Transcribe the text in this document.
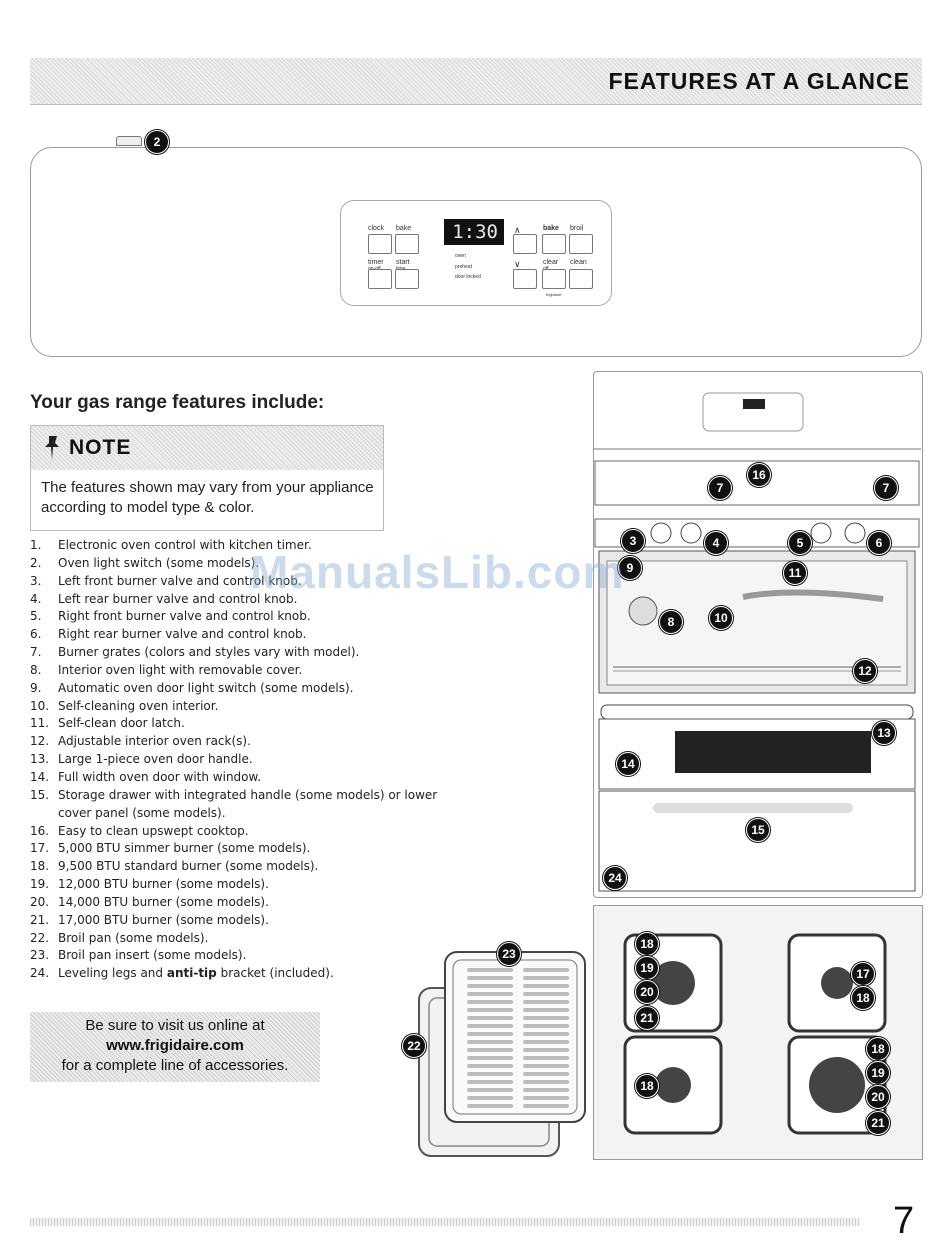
FEATURES AT A GLANCE
2
clock bake
timer
on-off
start
time
1:30
oven
preheat
door locked
∧
∨
bake broil
clear
off
clean
frigidaire
Your gas range features include:
NOTE
The features shown may vary from your appliance according to model type & color.
1.	Electronic oven control with kitchen timer.
2.	Oven light switch (some models).
3.	Left front burner valve and control knob.
4.	Left rear burner valve and control knob.
5.	Right front burner valve and control knob.
6.	Right rear burner valve and control knob.
7.	Burner grates (colors and styles vary with model).
8.	Interior oven light with removable cover.
9.	Automatic oven door light switch (some models).
10. Self-cleaning oven interior.
11. Self-clean door latch.
12. Adjustable interior oven rack(s).
13. Large 1-piece oven door handle.
14. Full width oven door with window.
15. Storage drawer with integrated handle (some models) or lower cover panel (some models).
16. Easy to clean upswept cooktop.
17. 5,000 BTU simmer burner (some models).
18. 9,500 BTU standard burner (some models).
19. 12,000 BTU burner (some models).
20. 14,000 BTU burner (some models).
21. 17,000 BTU burner (some models).
22. Broil pan (some models).
23. Broil pan insert (some models).
24. Leveling legs and anti-tip bracket (included).
Be sure to visit us online at
www.frigidaire.com
for a complete line of accessories.
22
23
16
7	7
3	4	5	6
9	11
8	10
12
13
14
15
24
18
19
20
21
17
18
18
18
19
20
21
ManualsLib.com
7
